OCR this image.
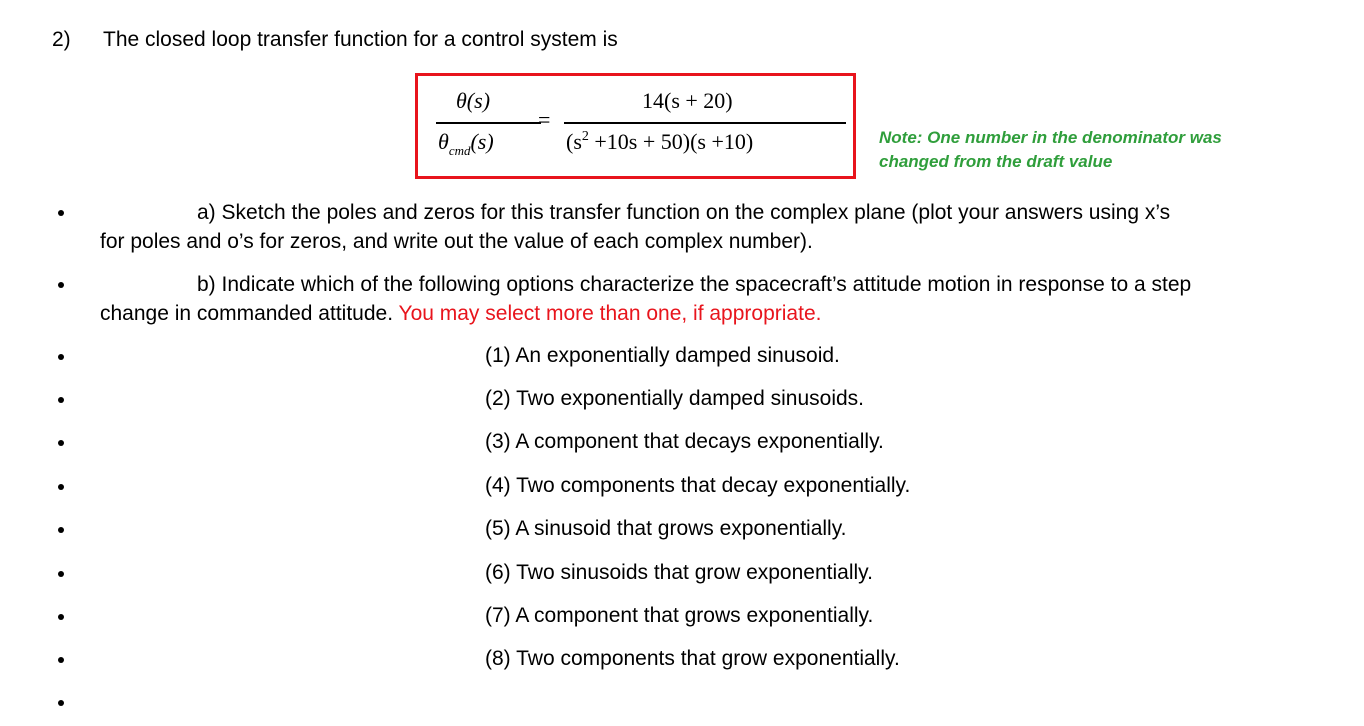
2) The closed loop transfer function for a control system is
θ(s)
$\theta_{cmd}(s)$
=
14(s + 20)
$(s^2 +10s + 50)(s +10)$	Note: One number in the denominator was
changed from the draft value
a) Sketch the poles and zeros for this transfer function on the complex plane (plot your answers using x’s
for poles and o’s for zeros, and write out the value of each complex number).
b) Indicate which of the following options characterize the spacecraft’s attitude motion in response to a step
change in commanded attitude. You may select more than one, if appropriate.
(1) An exponentially damped sinusoid.
(2) Two exponentially damped sinusoids.
(3) A component that decays exponentially.
(4) Two components that decay exponentially.
(5) A sinusoid that grows exponentially.
(6) Two sinusoids that grow exponentially.
(7) A component that grows exponentially.
(8) Two components that grow exponentially.
